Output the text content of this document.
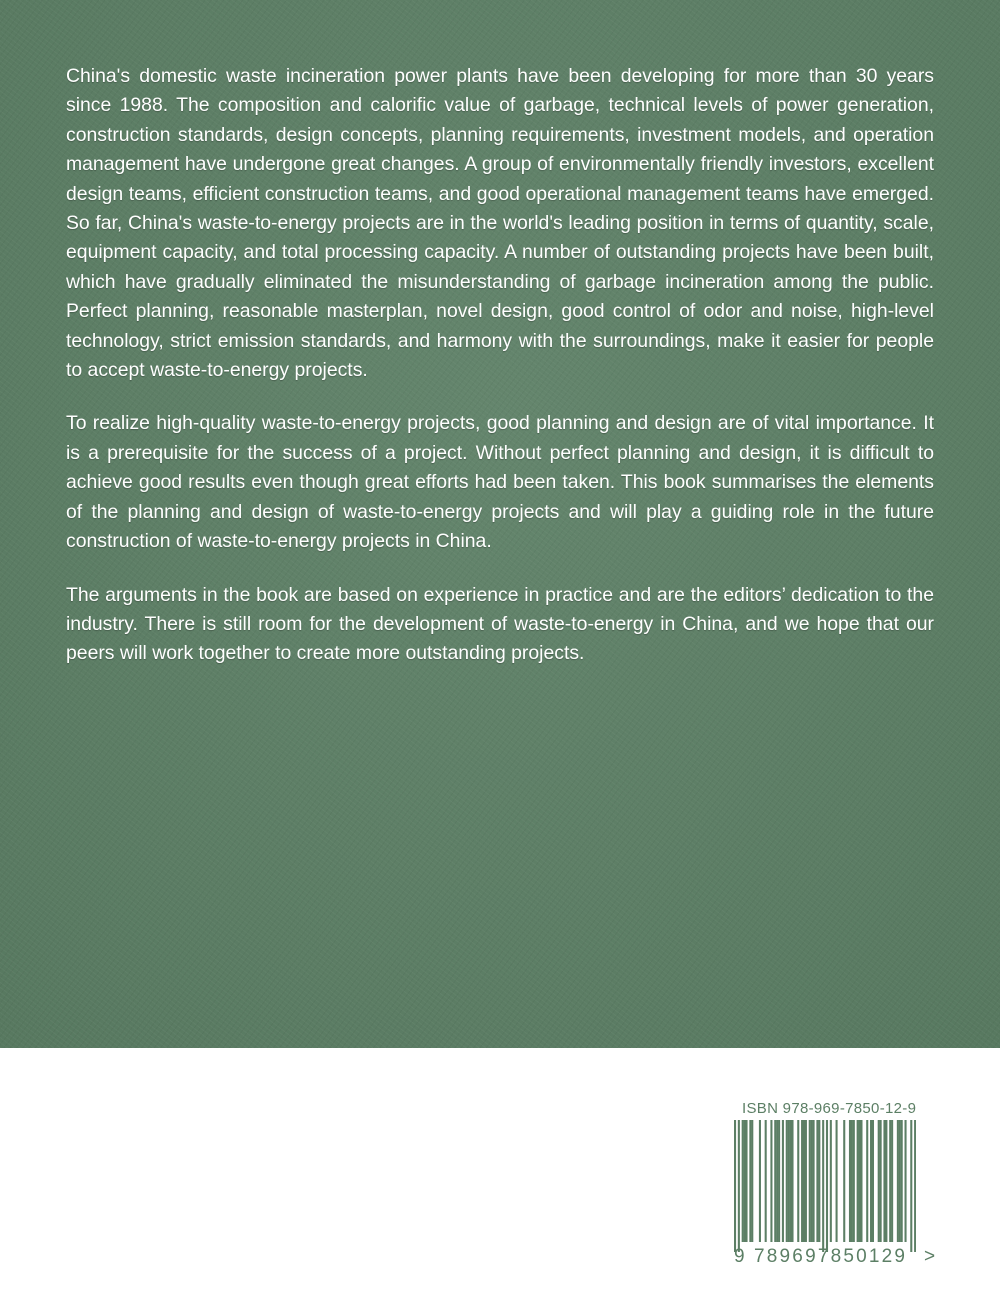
China's domestic waste incineration power plants have been developing for more than 30 years since 1988. The composition and calorific value of garbage, technical levels of power generation, construction standards, design concepts, planning requirements, investment models, and operation management have undergone great changes. A group of environmentally friendly investors, excellent design teams, efficient construction teams, and good operational management teams have emerged. So far, China's waste-to-energy projects are in the world's leading position in terms of quantity, scale, equipment capacity, and total processing capacity. A number of outstanding projects have been built, which have gradually eliminated the misunderstanding of garbage incineration among the public. Perfect planning, reasonable masterplan, novel design, good control of odor and noise, high-level technology, strict emission standards, and harmony with the surroundings, make it easier for people to accept waste-to-energy projects.

To realize high-quality waste-to-energy projects, good planning and design are of vital importance. It is a prerequisite for the success of a project. Without perfect planning and design, it is difficult to achieve good results even though great efforts had been taken. This book summarises the elements of the planning and design of waste-to-energy projects and will play a guiding role in the future construction of waste-to-energy projects in China.

The arguments in the book are based on experience in practice and are the editors’ dedication to the industry. There is still room for the development of waste-to-energy in China, and we hope that our peers will work together to create more outstanding projects.

ISBN 978-969-7850-12-9
9 789697850129 >
